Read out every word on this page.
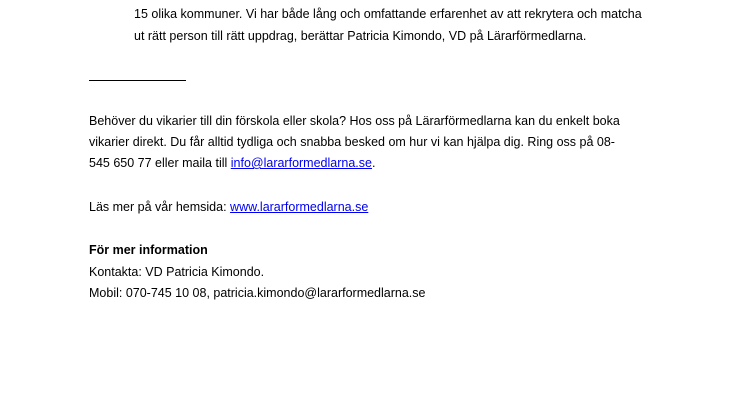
15 olika kommuner. Vi har både lång och omfattande erfarenhet av att rekrytera och matcha
ut rätt person till rätt uppdrag, berättar Patricia Kimondo, VD på Lärarförmedlarna.
Behöver du vikarier till din förskola eller skola? Hos oss på Lärarförmedlarna kan du enkelt boka
vikarier direkt. Du får alltid tydliga och snabba besked om hur vi kan hjälpa dig. Ring oss på 08-
545 650 77 eller maila till info@lararformedlarna.se.
Läs mer på vår hemsida: www.lararformedlarna.se
För mer information
Kontakta: VD Patricia Kimondo.
Mobil: 070-745 10 08, patricia.kimondo@lararformedlarna.se
